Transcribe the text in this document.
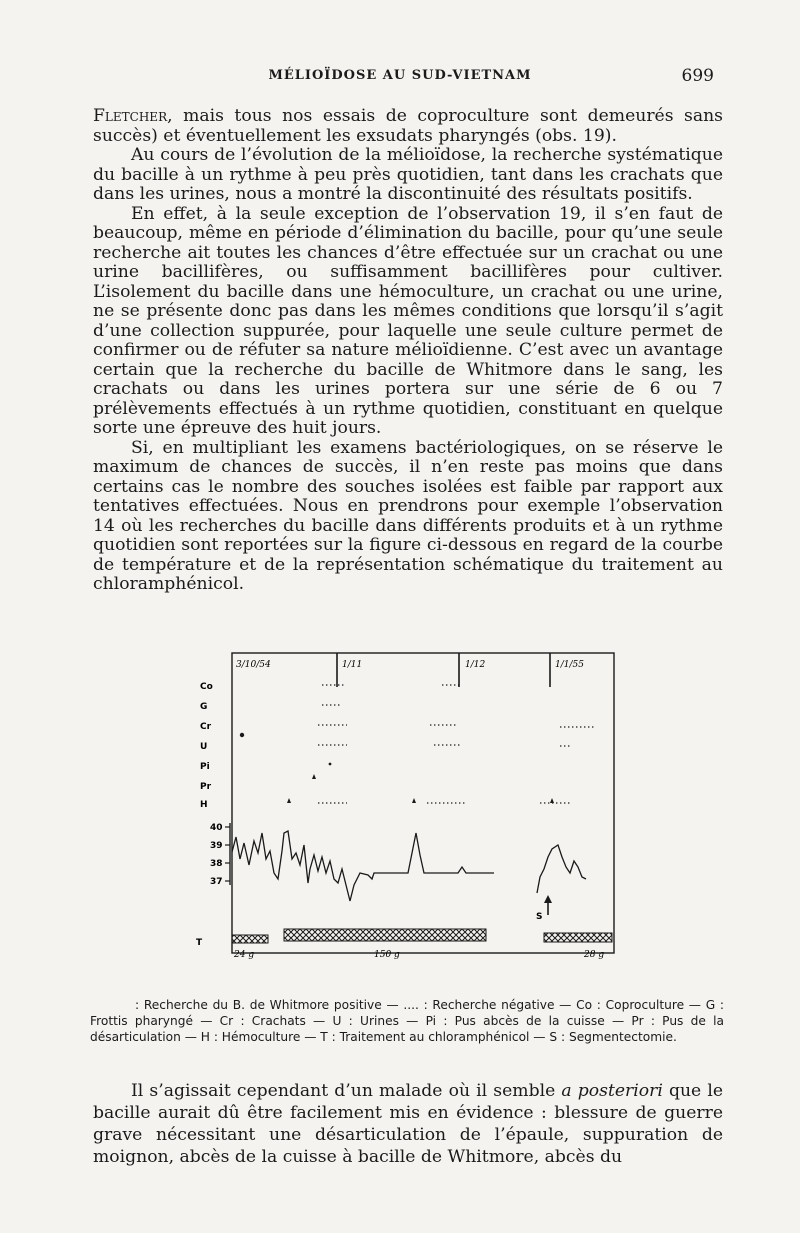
MÉLIOÏDOSE AU SUD-VIETNAM	699

Fletcher, mais tous nos essais de coproculture sont demeurés sans succès) et éventuellement les exsudats pharyngés (obs. 19).

Au cours de l’évolution de la mélioïdose, la recherche systématique du bacille à un rythme à peu près quotidien, tant dans les crachats que dans les urines, nous a montré la discontinuité des résultats positifs.

En effet, à la seule exception de l’observation 19, il s’en faut de beaucoup, même en période d’élimination du bacille, pour qu’une seule recherche ait toutes les chances d’être effectuée sur un crachat ou une urine bacillifères, ou suffisamment bacillifères pour cultiver. L’isolement du bacille dans une hémoculture, un crachat ou une urine, ne se présente donc pas dans les mêmes conditions que lorsqu’il s’agit d’une collection suppurée, pour laquelle une seule culture permet de confirmer ou de réfuter sa nature mélioïdienne. C’est avec un avantage certain que la recherche du bacille de Whitmore dans le sang, les crachats ou dans les urines portera sur une série de 6 ou 7 prélèvements effectués à un rythme quotidien, constituant en quelque sorte une épreuve des huit jours.

Si, en multipliant les examens bactériologiques, on se réserve le maximum de chances de succès, il n’en reste pas moins que dans certains cas le nombre des souches isolées est faible par rapport aux tentatives effectuées. Nous en prendrons pour exemple l’observation 14 où les recherches du bacille dans différents produits et à un rythme quotidien sont reportées sur la figure ci-dessous en regard de la courbe de température et de la représentation schématique du traitement au chloramphénicol.

3/10/54	1/11	1/12	1/1/55
Co
G
Cr
U
Pi
Pr
H
40
39
38
37
S
T
24 g	150 g	28 g

: Recherche du B. de Whitmore positive — .... : Recherche négative — Co : Coproculture — G : Frottis pharyngé — Cr : Crachats — U : Urines — Pi : Pus abcès de la cuisse — Pr : Pus de la désarticulation — H : Hémoculture — T : Traitement au chloramphénicol — S : Segmentectomie.

Il s’agissait cependant d’un malade où il semble a posteriori que le bacille aurait dû être facilement mis en évidence : blessure de guerre grave nécessitant une désarticulation de l’épaule, suppuration de moignon, abcès de la cuisse à bacille de Whitmore, abcès du
